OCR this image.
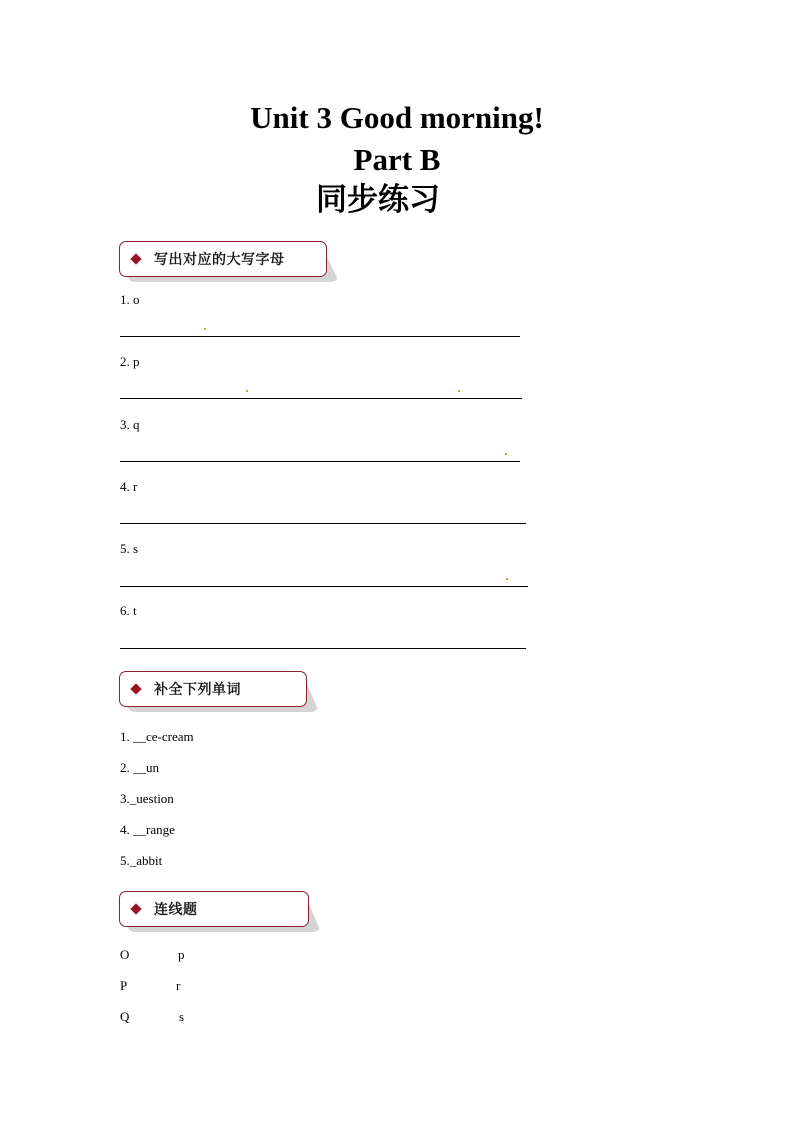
Unit 3 Good morning!
Part B
同步练习
写出对应的大写字母
1. o
2. p
3. q
4. r
5. s
6. t
补全下列单词
1. __ce-cream
2. __un
3._uestion
4. __range
5._abbit
连线题
O	p
P	r
Q	s
